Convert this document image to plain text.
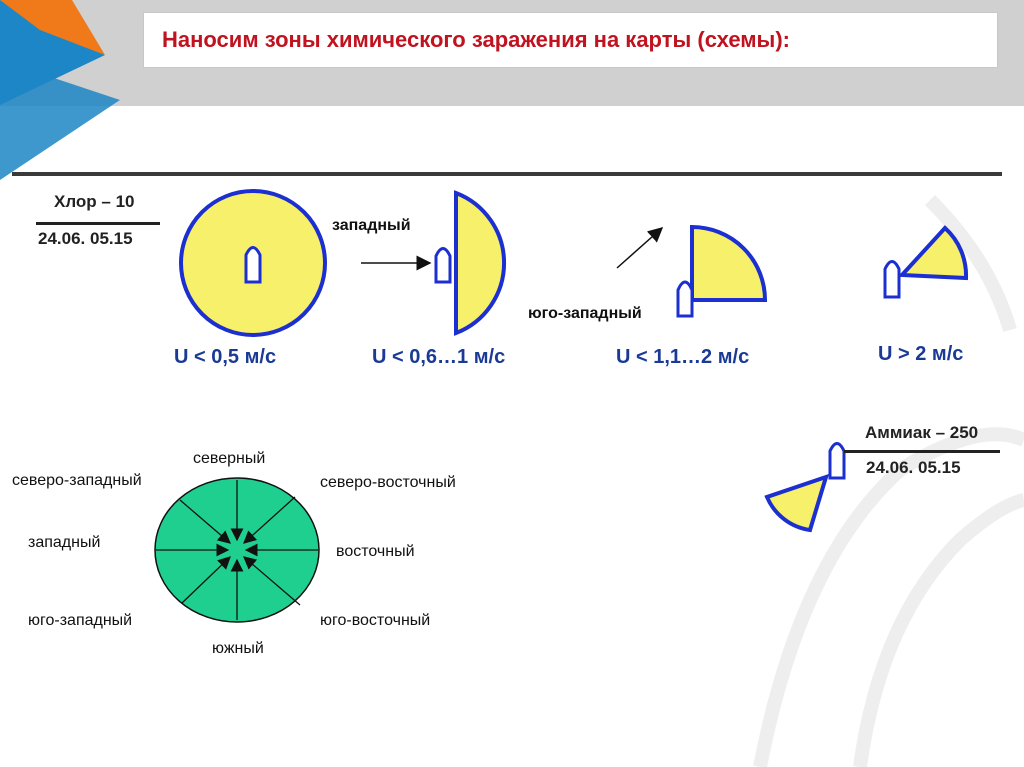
Наносим зоны химического заражения на карты (схемы):
Хлор – 10
24.06. 05.15
западный
юго-западный
U < 0,5 м/с	U < 0,6…1 м/с	U < 1,1…2 м/с	U > 2 м/с
Аммиак – 250
24.06. 05.15
северный
северо-западный	северо-восточный
западный
восточный
юго-западный	юго-восточный
южный
